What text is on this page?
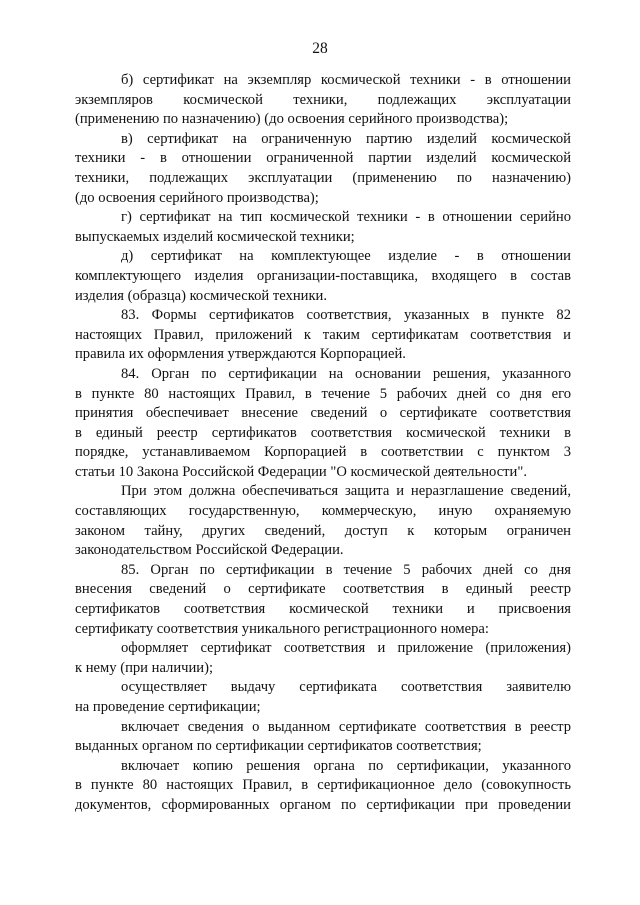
28
б) сертификат на экземпляр космической техники - в отношении
экземпляров космической техники, подлежащих эксплуатации
(применению по назначению) (до освоения серийного производства);
в) сертификат на ограниченную партию изделий космической
техники - в отношении ограниченной партии изделий космической
техники, подлежащих эксплуатации (применению по назначению)
(до освоения серийного производства);
г) сертификат на тип космической техники - в отношении серийно
выпускаемых изделий космической техники;
д) сертификат на комплектующее изделие - в отношении
комплектующего изделия организации-поставщика, входящего в состав
изделия (образца) космической техники.
83. Формы сертификатов соответствия, указанных в пункте 82
настоящих Правил, приложений к таким сертификатам соответствия и
правила их оформления утверждаются Корпорацией.
84. Орган по сертификации на основании решения, указанного
в пункте 80 настоящих Правил, в течение 5 рабочих дней со дня его
принятия обеспечивает внесение сведений о сертификате соответствия
в единый реестр сертификатов соответствия космической техники в
порядке, устанавливаемом Корпорацией в соответствии с пунктом 3
статьи 10 Закона Российской Федерации "О космической деятельности".
При этом должна обеспечиваться защита и неразглашение сведений,
составляющих государственную, коммерческую, иную охраняемую
законом тайну, других сведений, доступ к которым ограничен
законодательством Российской Федерации.
85. Орган по сертификации в течение 5 рабочих дней со дня
внесения сведений о сертификате соответствия в единый реестр
сертификатов соответствия космической техники и присвоения
сертификату соответствия уникального регистрационного номера:
оформляет сертификат соответствия и приложение (приложения)
к нему (при наличии);
осуществляет выдачу сертификата соответствия заявителю
на проведение сертификации;
включает сведения о выданном сертификате соответствия в реестр
выданных органом по сертификации сертификатов соответствия;
включает копию решения органа по сертификации, указанного
в пункте 80 настоящих Правил, в сертификационное дело (совокупность
документов, сформированных органом по сертификации при проведении
